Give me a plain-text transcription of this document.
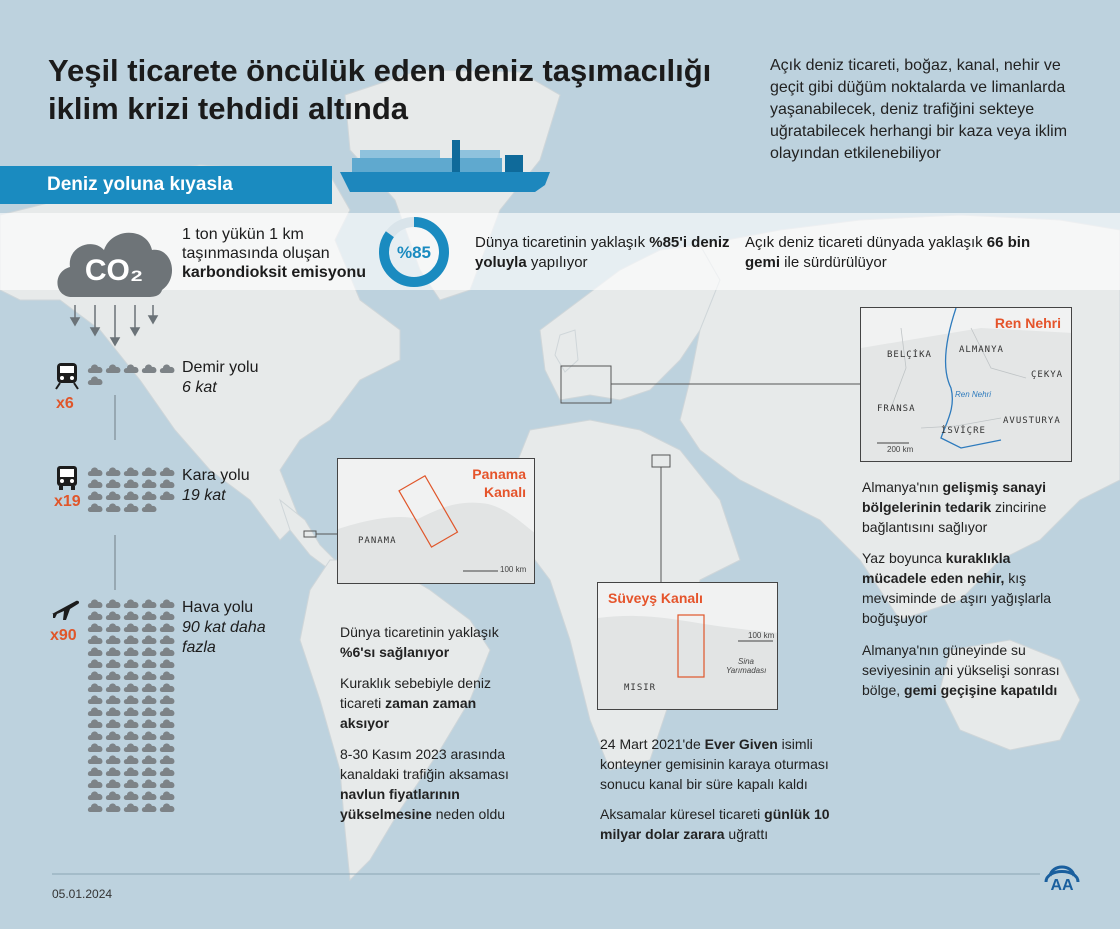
Yeşil ticarete öncülük eden deniz taşımacılığı iklim krizi tehdidi altında
Açık deniz ticareti, boğaz, kanal, nehir ve geçit gibi düğüm noktalarda ve limanlarda yaşanabilecek, deniz trafiğini sekteye uğratabilecek herhangi bir kaza veya iklim olayından etkilenebiliyor
Deniz yoluna kıyasla
CO₂
1 ton yükün 1 km taşınmasında oluşan karbondioksit emisyonu
%85
Dünya ticaretinin yaklaşık %85'i deniz yoluyla yapılıyor
Açık deniz ticareti dünyada yaklaşık 66 bin gemi ile sürdürülüyor
x6
Demir yolu
6 kat
x19
Kara yolu
19 kat
x90
Hava yolu
90 kat daha fazla
Ren Nehri
BELÇİKA	ALMANYA
ÇEKYA
FRANSA
Ren Nehri
İSVİÇRE
AVUSTURYA
200 km
Almanya'nın gelişmiş sanayi bölgelerinin tedarik zincirine bağlantısını sağlıyor
Yaz boyunca kuraklıkla mücadele eden nehir, kış mevsiminde de aşırı yağışlarla boğuşuyor
Almanya'nın güneyinde su seviyesinin ani yükselişi sonrası bölge, gemi geçişine kapatıldı
Panama
Kanalı
PANAMA
100 km
Dünya ticaretinin yaklaşık %6'sı sağlanıyor
Kuraklık sebebiyle deniz ticareti zaman zaman aksıyor
8-30 Kasım 2023 arasında kanaldaki trafiğin aksaması navlun fiyatlarının yükselmesine neden oldu
Süveyş Kanalı
MISIR
Sina Yarımadası
100 km
24 Mart 2021'de Ever Given isimli konteyner gemisinin karaya oturması sonucu kanal bir süre kapalı kaldı
Aksamalar küresel ticareti günlük 10 milyar dolar zarara uğrattı
05.01.2024	AA
